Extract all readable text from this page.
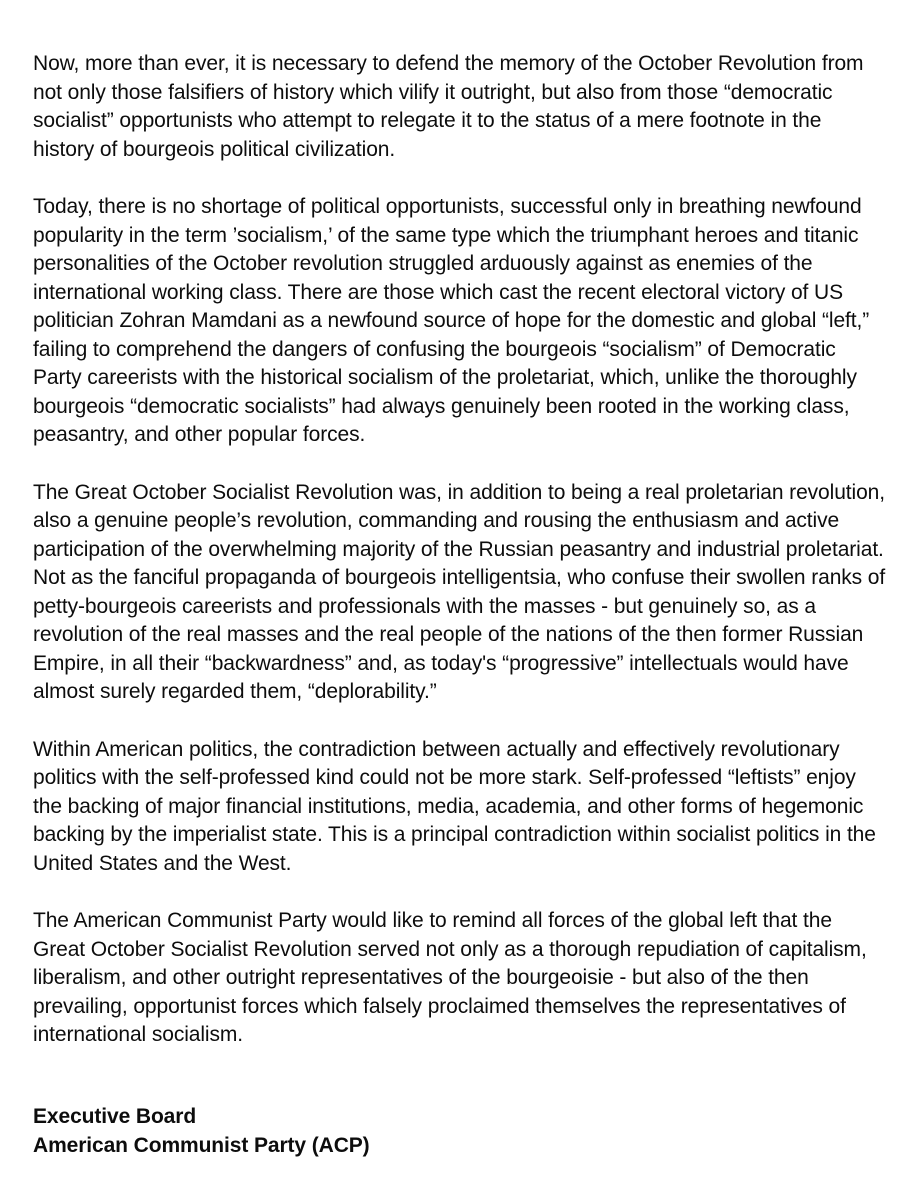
Now, more than ever, it is necessary to defend the memory of the October Revolution from not only those falsifiers of history which vilify it outright, but also from those “democratic socialist” opportunists who attempt to relegate it to the status of a mere footnote in the history of bourgeois political civilization.

Today, there is no shortage of political opportunists, successful only in breathing newfound popularity in the term ’socialism,’ of the same type which the triumphant heroes and titanic personalities of the October revolution struggled arduously against as enemies of the international working class. There are those which cast the recent electoral victory of US politician Zohran Mamdani as a newfound source of hope for the domestic and global “left,” failing to comprehend the dangers of confusing the bourgeois “socialism” of Democratic Party careerists with the historical socialism of the proletariat, which, unlike the thoroughly bourgeois “democratic socialists” had always genuinely been rooted in the working class, peasantry, and other popular forces.

The Great October Socialist Revolution was, in addition to being a real proletarian revolution, also a genuine people’s revolution, commanding and rousing the enthusiasm and active participation of the overwhelming majority of the Russian peasantry and industrial proletariat. Not as the fanciful propaganda of bourgeois intelligentsia, who confuse their swollen ranks of petty-bourgeois careerists and professionals with the masses - but genuinely so, as a revolution of the real masses and the real people of the nations of the then former Russian Empire, in all their “backwardness” and, as today's “progressive” intellectuals would have almost surely regarded them, “deplorability.”

Within American politics, the contradiction between actually and effectively revolutionary politics with the self-professed kind could not be more stark. Self-professed “leftists” enjoy the backing of major financial institutions, media, academia, and other forms of hegemonic backing by the imperialist state. This is a principal contradiction within socialist politics in the United States and the West.

The American Communist Party would like to remind all forces of the global left that the Great October Socialist Revolution served not only as a thorough repudiation of capitalism, liberalism, and other outright representatives of the bourgeoisie - but also of the then prevailing, opportunist forces which falsely proclaimed themselves the representatives of international socialism.

Executive Board

American Communist Party (ACP)
